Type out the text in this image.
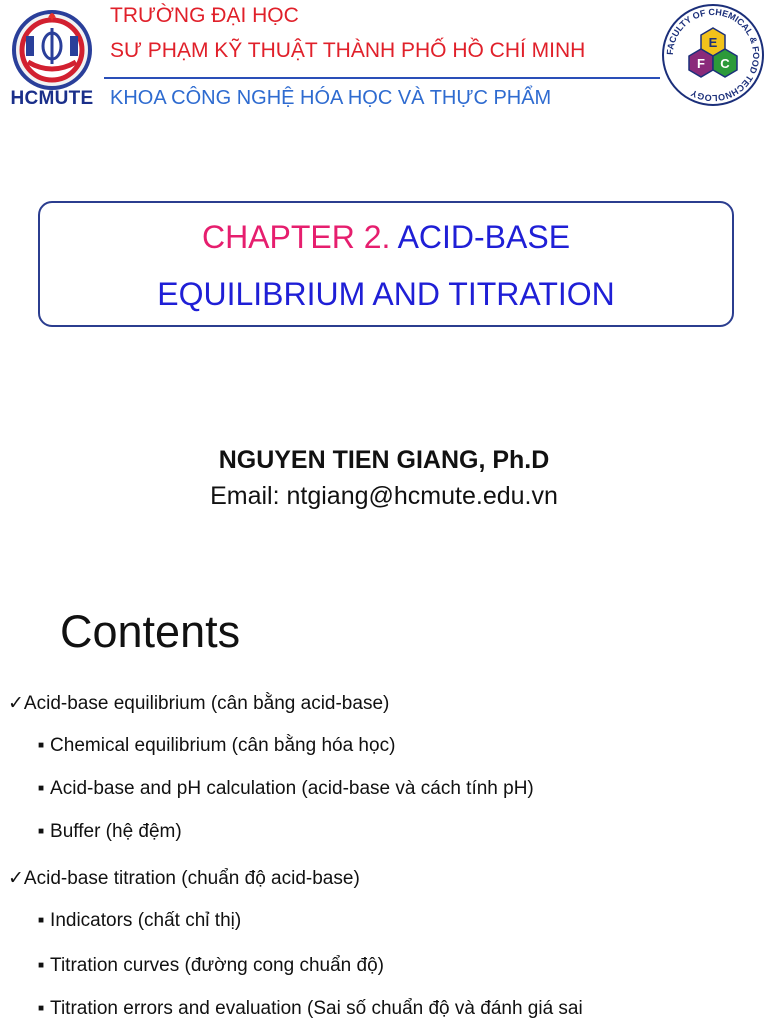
HCMUTE
TRƯỜNG ĐẠI HỌC
SƯ PHẠM KỸ THUẬT THÀNH PHỐ HỒ CHÍ MINH
KHOA CÔNG NGHỆ HÓA HỌC VÀ THỰC PHẨM
FACULTY OF CHEMICAL & FOOD TECHNOLOGY
E
F C
CHAPTER 2. ACID-BASE
EQUILIBRIUM AND TITRATION
NGUYEN TIEN GIANG, Ph.D
Email: ntgiang@hcmute.edu.vn
Contents
✓Acid-base equilibrium (cân bằng acid-base)
■ Chemical equilibrium (cân bằng hóa học)
■ Acid-base and pH calculation (acid-base và cách tính pH)
■ Buffer (hệ đệm)
✓Acid-base titration (chuẩn độ acid-base)
■ Indicators (chất chỉ thị)
■ Titration curves (đường cong chuẩn độ)
■ Titration errors and evaluation (Sai số chuẩn độ và đánh giá sai
